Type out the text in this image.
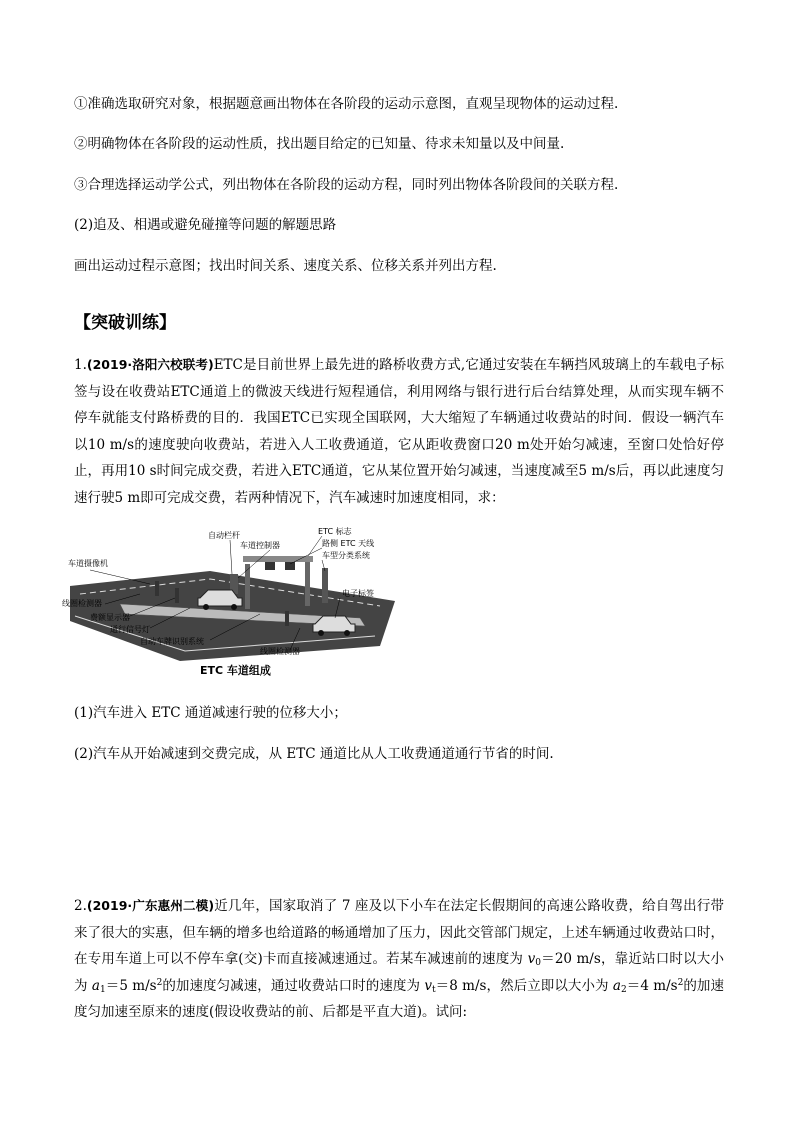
①准确选取研究对象，根据题意画出物体在各阶段的运动示意图，直观呈现物体的运动过程.
②明确物体在各阶段的运动性质，找出题目给定的已知量、待求未知量以及中间量.
③合理选择运动学公式，列出物体在各阶段的运动方程，同时列出物体各阶段间的关联方程.
(2)追及、相遇或避免碰撞等问题的解题思路
画出运动过程示意图；找出时间关系、速度关系、位移关系并列出方程.
【突破训练】
1.(2019·洛阳六校联考)ETC是目前世界上最先进的路桥收费方式,它通过安装在车辆挡风玻璃上的车载电子标签与设在收费站ETC通道上的微波天线进行短程通信，利用网络与银行进行后台结算处理，从而实现车辆不停车就能支付路桥费的目的．我国ETC已实现全国联网，大大缩短了车辆通过收费站的时间．假设一辆汽车以10 m/s的速度驶向收费站，若进入人工收费通道，它从距收费窗口20 m处开始匀减速，至窗口处恰好停止，再用10 s时间完成交费，若进入ETC通道，它从某位置开始匀减速，当速度减至5 m/s后，再以此速度匀速行驶5 m即可完成交费，若两种情况下，汽车减速时加速度相同，求：
自动栏杆
车道控制器
ETC 标志
路侧 ETC 天线
车型分类系统
车道摄像机
线圈检测器
费额显示器
通行信号灯
自动车牌识别系统
线圈检测器
电子标签
ETC 车道组成
(1)汽车进入 ETC 通道减速行驶的位移大小；
(2)汽车从开始减速到交费完成，从 ETC 通道比从人工收费通道通行节省的时间.
2.(2019·广东惠州二模)近几年，国家取消了 7 座及以下小车在法定长假期间的高速公路收费，给自驾出行带来了很大的实惠，但车辆的增多也给道路的畅通增加了压力，因此交管部门规定，上述车辆通过收费站口时，在专用车道上可以不停车拿(交)卡而直接减速通过。若某车减速前的速度为 $v_0=20$ m/s，靠近站口时以大小为 $a_1=5$ $m/s^2$的加速度匀减速，通过收费站口时的速度为 $v_t=8$ m/s，然后立即以大小为 $a_2=4$ $m/s^2$的加速度匀加速至原来的速度(假设收费站的前、后都是平直大道)。试问:
